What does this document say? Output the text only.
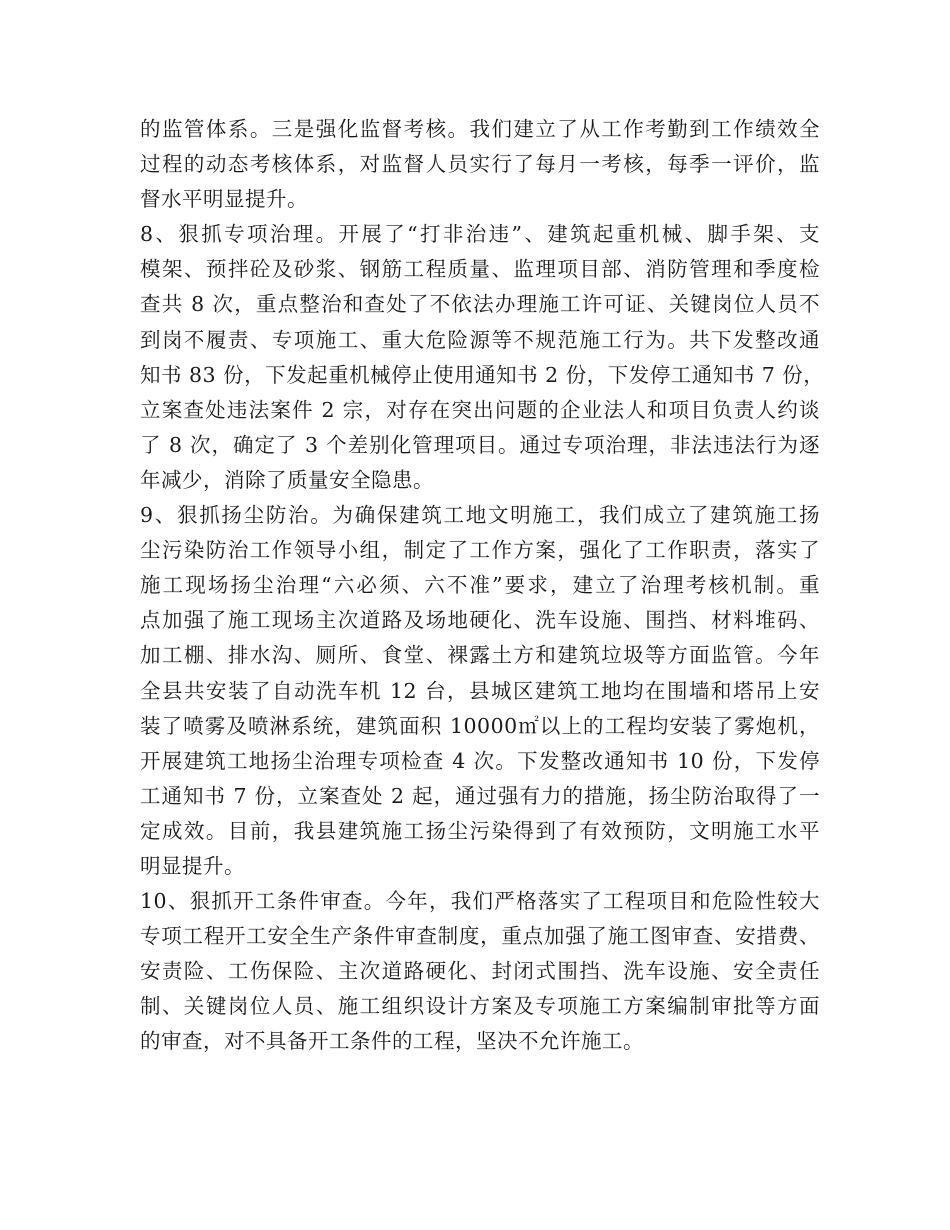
的监管体系。三是强化监督考核。我们建立了从工作考勤到工作绩效全
过程的动态考核体系，对监督人员实行了每月一考核，每季一评价，监
督水平明显提升。
8、狠抓专项治理。开展了“打非治违”、建筑起重机械、脚手架、支
模架、预拌砼及砂浆、钢筋工程质量、监理项目部、消防管理和季度检
查共 8 次，重点整治和查处了不依法办理施工许可证、关键岗位人员不
到岗不履责、专项施工、重大危险源等不规范施工行为。共下发整改通
知书 83 份，下发起重机械停止使用通知书 2 份，下发停工通知书 7 份，
立案查处违法案件 2 宗，对存在突出问题的企业法人和项目负责人约谈
了 8 次，确定了 3 个差别化管理项目。通过专项治理，非法违法行为逐
年减少，消除了质量安全隐患。
9、狠抓扬尘防治。为确保建筑工地文明施工，我们成立了建筑施工扬
尘污染防治工作领导小组，制定了工作方案，强化了工作职责，落实了
施工现场扬尘治理“六必须、六不准”要求，建立了治理考核机制。重
点加强了施工现场主次道路及场地硬化、洗车设施、围挡、材料堆码、
加工棚、排水沟、厕所、食堂、裸露土方和建筑垃圾等方面监管。今年
全县共安装了自动洗车机 12 台，县城区建筑工地均在围墙和塔吊上安
装了喷雾及喷淋系统，建筑面积 10000㎡以上的工程均安装了雾炮机，
开展建筑工地扬尘治理专项检查 4 次。下发整改通知书 10 份，下发停
工通知书 7 份，立案查处 2 起，通过强有力的措施，扬尘防治取得了一
定成效。目前，我县建筑施工扬尘污染得到了有效预防，文明施工水平
明显提升。
10、狠抓开工条件审查。今年，我们严格落实了工程项目和危险性较大
专项工程开工安全生产条件审查制度，重点加强了施工图审查、安措费、
安责险、工伤保险、主次道路硬化、封闭式围挡、洗车设施、安全责任
制、关键岗位人员、施工组织设计方案及专项施工方案编制审批等方面
的审查，对不具备开工条件的工程，坚决不允许施工。
